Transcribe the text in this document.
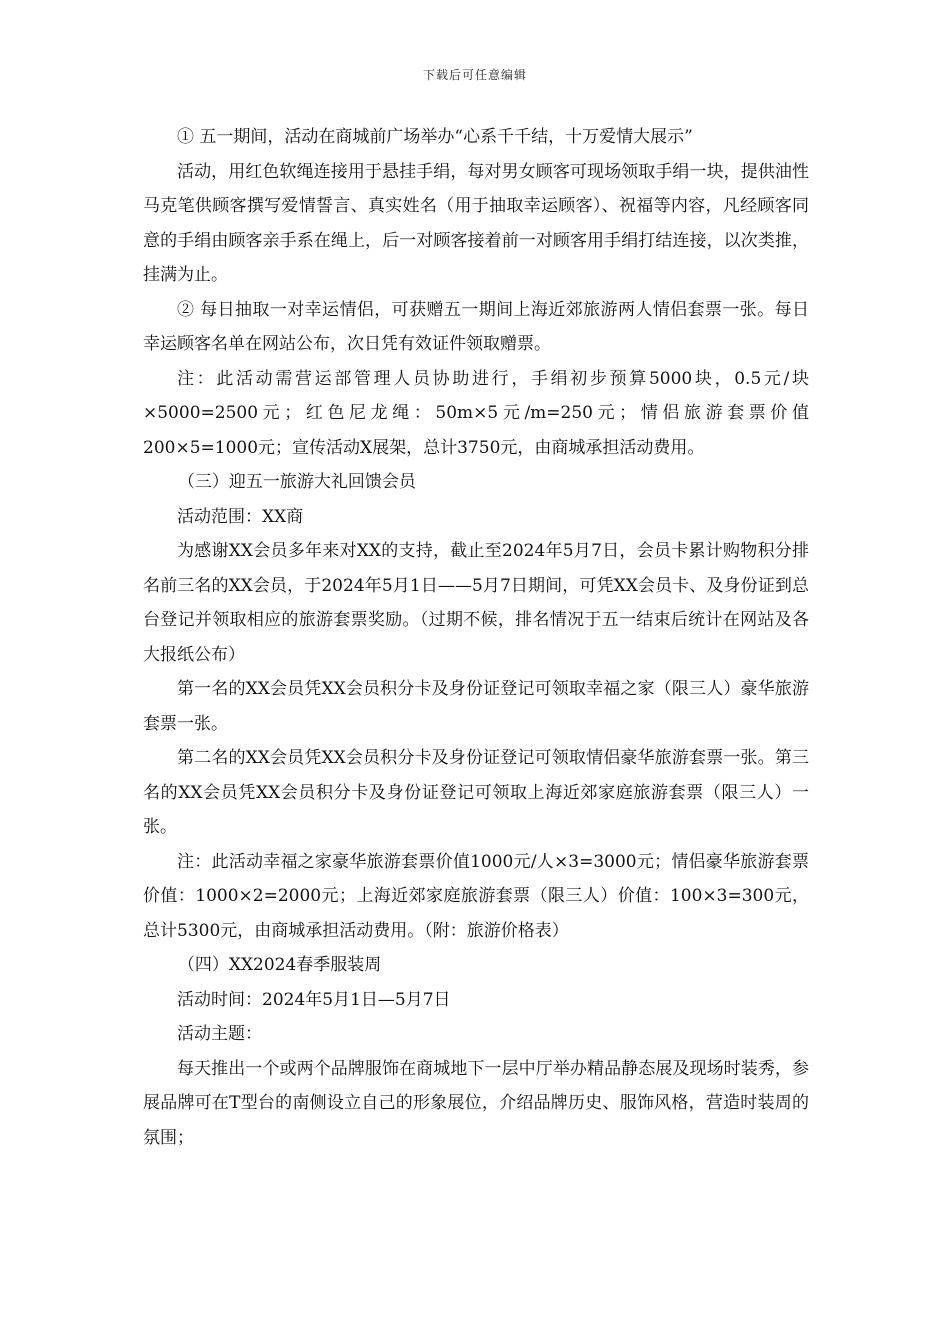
下载后可任意编辑

① 五一期间，活动在商城前广场举办“心系千千结，十万爱情大展示”

活动，用红色软绳连接用于悬挂手绢，每对男女顾客可现场领取手绢一块，提供油性马克笔供顾客撰写爱情誓言、真实姓名（用于抽取幸运顾客）、祝福等内容，凡经顾客同意的手绢由顾客亲手系在绳上，后一对顾客接着前一对顾客用手绢打结连接，以次类推，挂满为止。

② 每日抽取一对幸运情侣，可获赠五一期间上海近郊旅游两人情侣套票一张。每日幸运顾客名单在网站公布，次日凭有效证件领取赠票。

注：此活动需营运部管理人员协助进行，手绢初步预算5000块，0.5元/块×5000=2500元；红色尼龙绳：50m×5元/m=250元；情侣旅游套票价值200×5=1000元；宣传活动X展架，总计3750元，由商城承担活动费用。

（三）迎五一旅游大礼回馈会员

活动范围：XX商

为感谢XX会员多年来对XX的支持，截止至2024年5月7日，会员卡累计购物积分排名前三名的XX会员，于2024年5月1日——5月7日期间，可凭XX会员卡、及身份证到总台登记并领取相应的旅游套票奖励。（过期不候，排名情况于五一结束后统计在网站及各大报纸公布）

第一名的XX会员凭XX会员积分卡及身份证登记可领取幸福之家（限三人）豪华旅游套票一张。

第二名的XX会员凭XX会员积分卡及身份证登记可领取情侣豪华旅游套票一张。第三名的XX会员凭XX会员积分卡及身份证登记可领取上海近郊家庭旅游套票（限三人）一张。

注：此活动幸福之家豪华旅游套票价值1000元/人×3=3000元；情侣豪华旅游套票价值：1000×2=2000元；上海近郊家庭旅游套票（限三人）价值：100×3=300元，总计5300元，由商城承担活动费用。（附：旅游价格表）

（四）XX2024春季服装周

活动时间：2024年5月1日—5月7日

活动主题：

每天推出一个或两个品牌服饰在商城地下一层中厅举办精品静态展及现场时装秀，参展品牌可在T型台的南侧设立自己的形象展位，介绍品牌历史、服饰风格，营造时装周的氛围；
